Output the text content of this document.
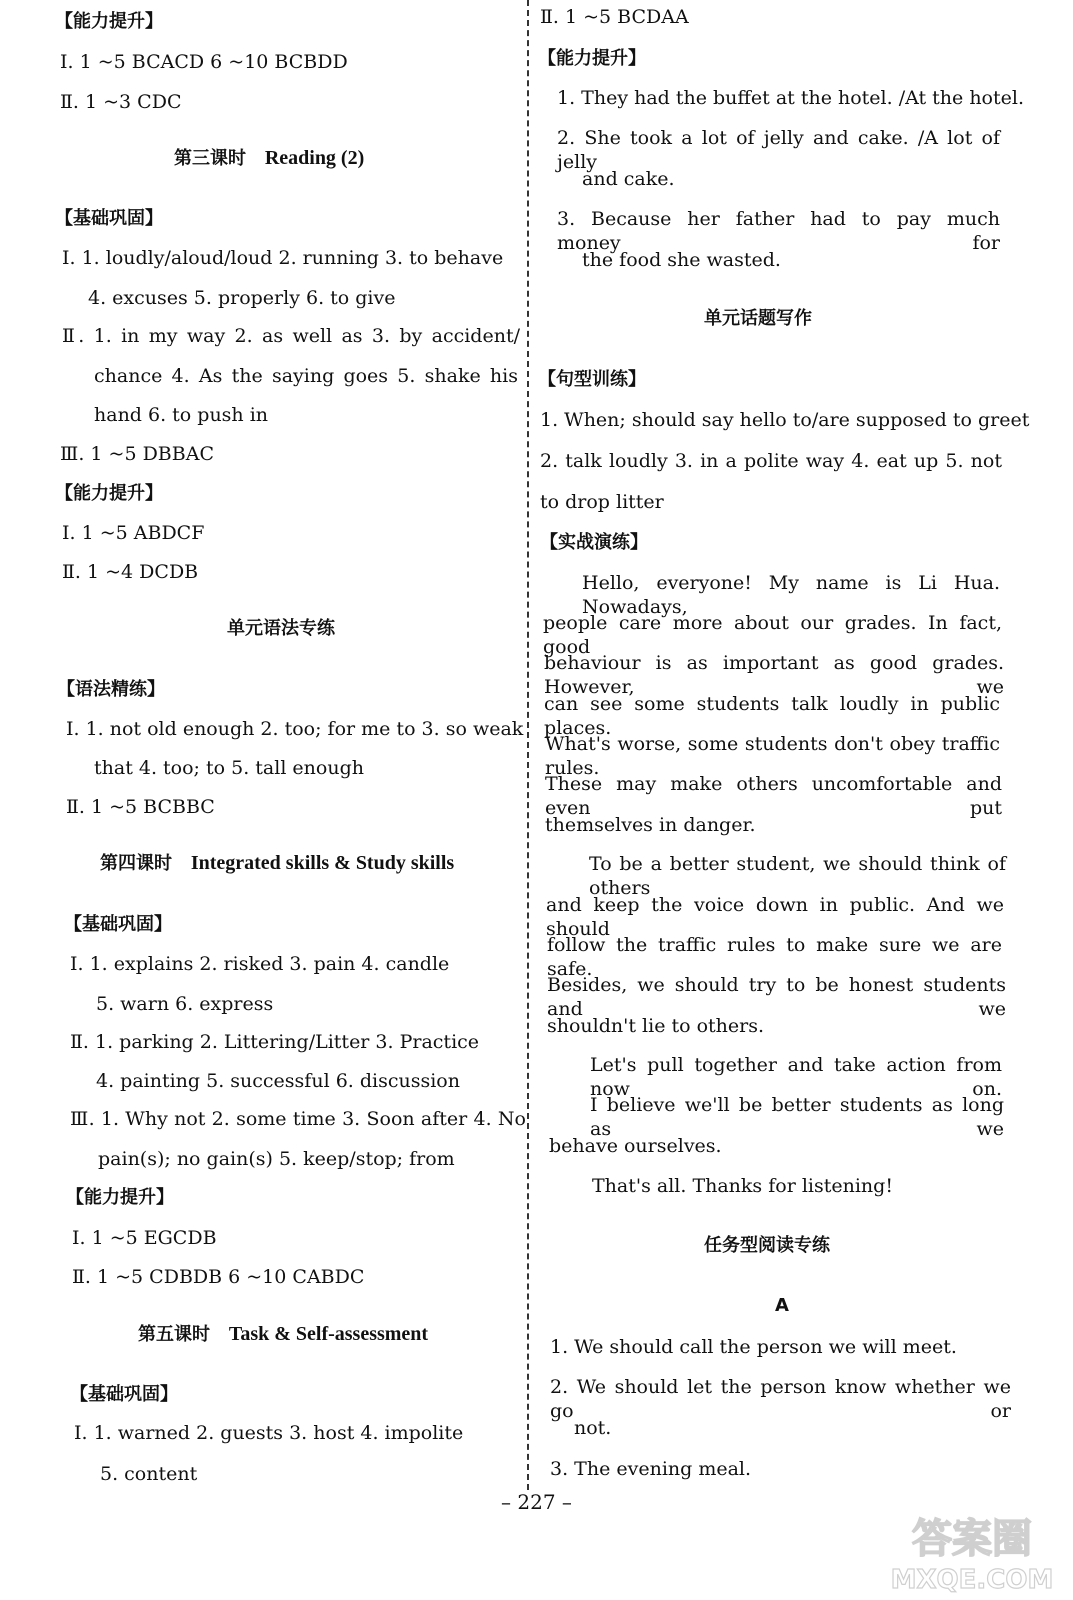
【能力提升】
Ⅰ. 1 ~5 BCACD 6 ~10 BCBDD
Ⅱ. 1 ~3 CDC
第三课时 Reading (2)
【基础巩固】
Ⅰ. 1. loudly/aloud/loud 2. running 3. to behave
4. excuses 5. properly 6. to give
Ⅱ. 1. in my way 2. as well as 3. by accident/
chance 4. As the saying goes 5. shake his
hand 6. to push in
Ⅲ. 1 ~5 DBBAC
【能力提升】
Ⅰ. 1 ~5 ABDCF
Ⅱ. 1 ~4 DCDB
单元语法专练
【语法精练】
Ⅰ. 1. not old enough 2. too; for me to 3. so weak
that 4. too; to 5. tall enough
Ⅱ. 1 ~5 BCBBC
第四课时 Integrated skills & Study skills
【基础巩固】
Ⅰ. 1. explains 2. risked 3. pain 4. candle
5. warn 6. express
Ⅱ. 1. parking 2. Littering/Litter 3. Practice
4. painting 5. successful 6. discussion
Ⅲ. 1. Why not 2. some time 3. Soon after 4. No
pain(s); no gain(s) 5. keep/stop; from
【能力提升】
Ⅰ. 1 ~5 EGCDB
Ⅱ. 1 ~5 CDBDB 6 ~10 CABDC
第五课时 Task & Self-assessment
【基础巩固】
Ⅰ. 1. warned 2. guests 3. host 4. impolite
5. content
Ⅱ. 1 ~5 BCDAA
【能力提升】
1. They had the buffet at the hotel. /At the hotel.
2. She took a lot of jelly and cake. /A lot of jelly
and cake.
3. Because her father had to pay much money for
the food she wasted.
单元话题写作
【句型训练】
1. When; should say hello to/are supposed to greet
2. talk loudly 3. in a polite way 4. eat up 5. not
to drop litter
【实战演练】
Hello, everyone! My name is Li Hua. Nowadays,
people care more about our grades. In fact, good
behaviour is as important as good grades. However, we
can see some students talk loudly in public places.
What's worse, some students don't obey traffic rules.
These may make others uncomfortable and even put
themselves in danger.
To be a better student, we should think of others
and keep the voice down in public. And we should
follow the traffic rules to make sure we are safe.
Besides, we should try to be honest students and we
shouldn't lie to others.
Let's pull together and take action from now on.
I believe we'll be better students as long as we
behave ourselves.
That's all. Thanks for listening!
任务型阅读专练
A
1. We should call the person we will meet.
2. We should let the person know whether we go or
not.
3. The evening meal.
– 227 –
答案圈
MXQE.COM
